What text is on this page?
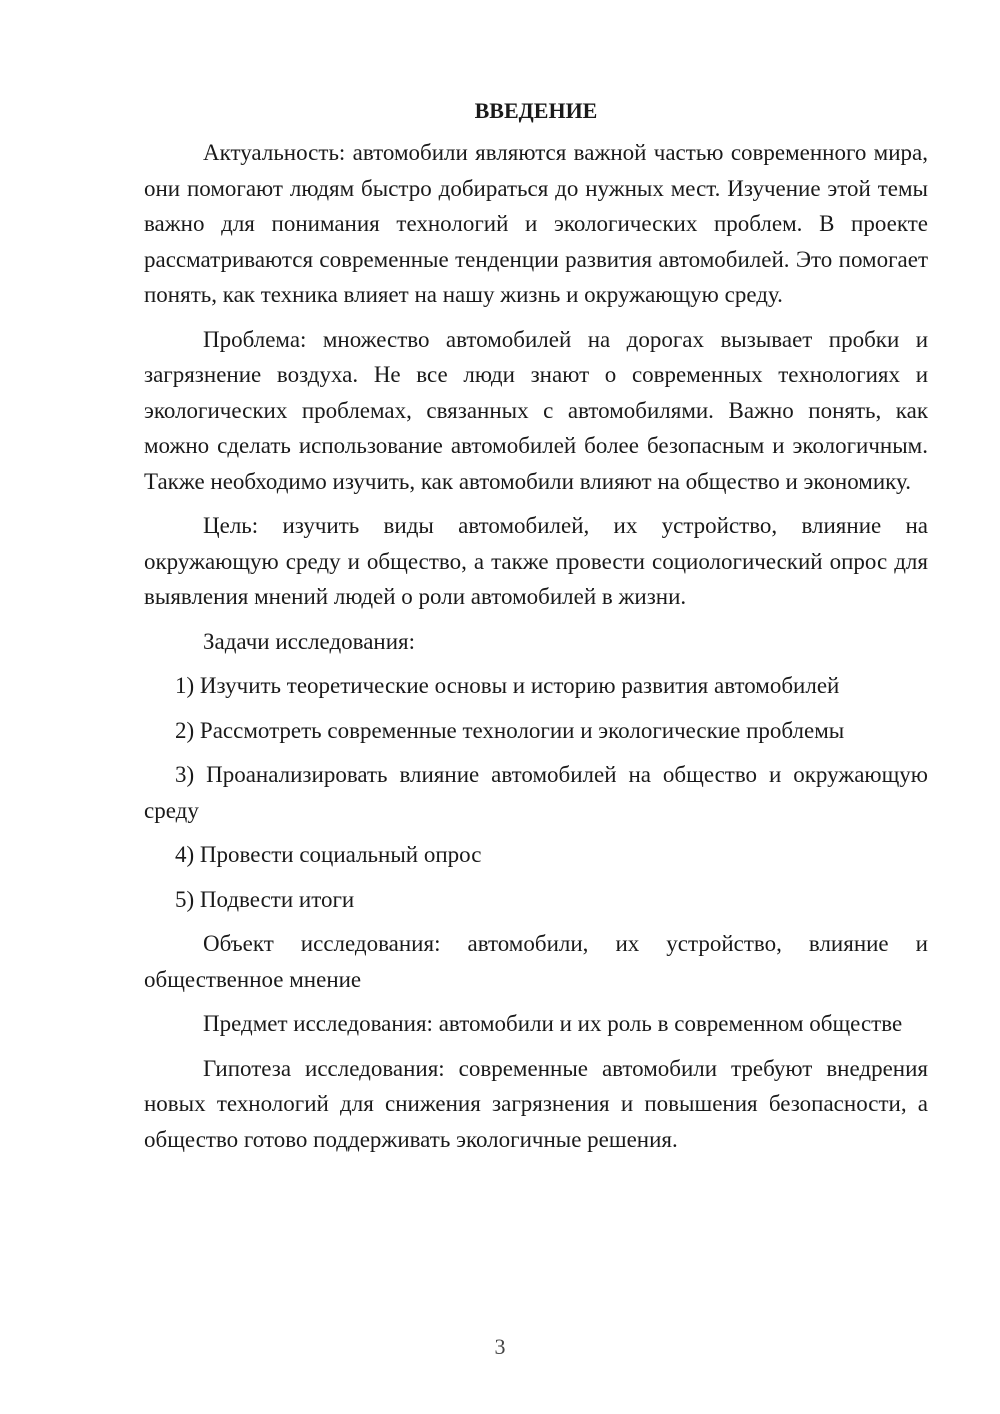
ВВЕДЕНИЕ

Актуальность: автомобили являются важной частью современного мира, они помогают людям быстро добираться до нужных мест. Изучение этой темы важно для понимания технологий и экологических проблем. В проекте рассматриваются современные тенденции развития автомобилей. Это помогает понять, как техника влияет на нашу жизнь и окружающую среду.

Проблема: множество автомобилей на дорогах вызывает пробки и загрязнение воздуха. Не все люди знают о современных технологиях и экологических проблемах, связанных с автомобилями. Важно понять, как можно сделать использование автомобилей более безопасным и экологичным. Также необходимо изучить, как автомобили влияют на общество и экономику.

Цель: изучить виды автомобилей, их устройство, влияние на окружающую среду и общество, а также провести социологический опрос для выявления мнений людей о роли автомобилей в жизни.

Задачи исследования:

1) Изучить теоретические основы и историю развития автомобилей

2) Рассмотреть современные технологии и экологические проблемы

3) Проанализировать влияние автомобилей на общество и окружающую среду

4) Провести социальный опрос

5) Подвести итоги

Объект исследования: автомобили, их устройство, влияние и общественное мнение

Предмет исследования: автомобили и их роль в современном обществе

Гипотеза исследования: современные автомобили требуют внедрения новых технологий для снижения загрязнения и повышения безопасности, а общество готово поддерживать экологичные решения.

3
